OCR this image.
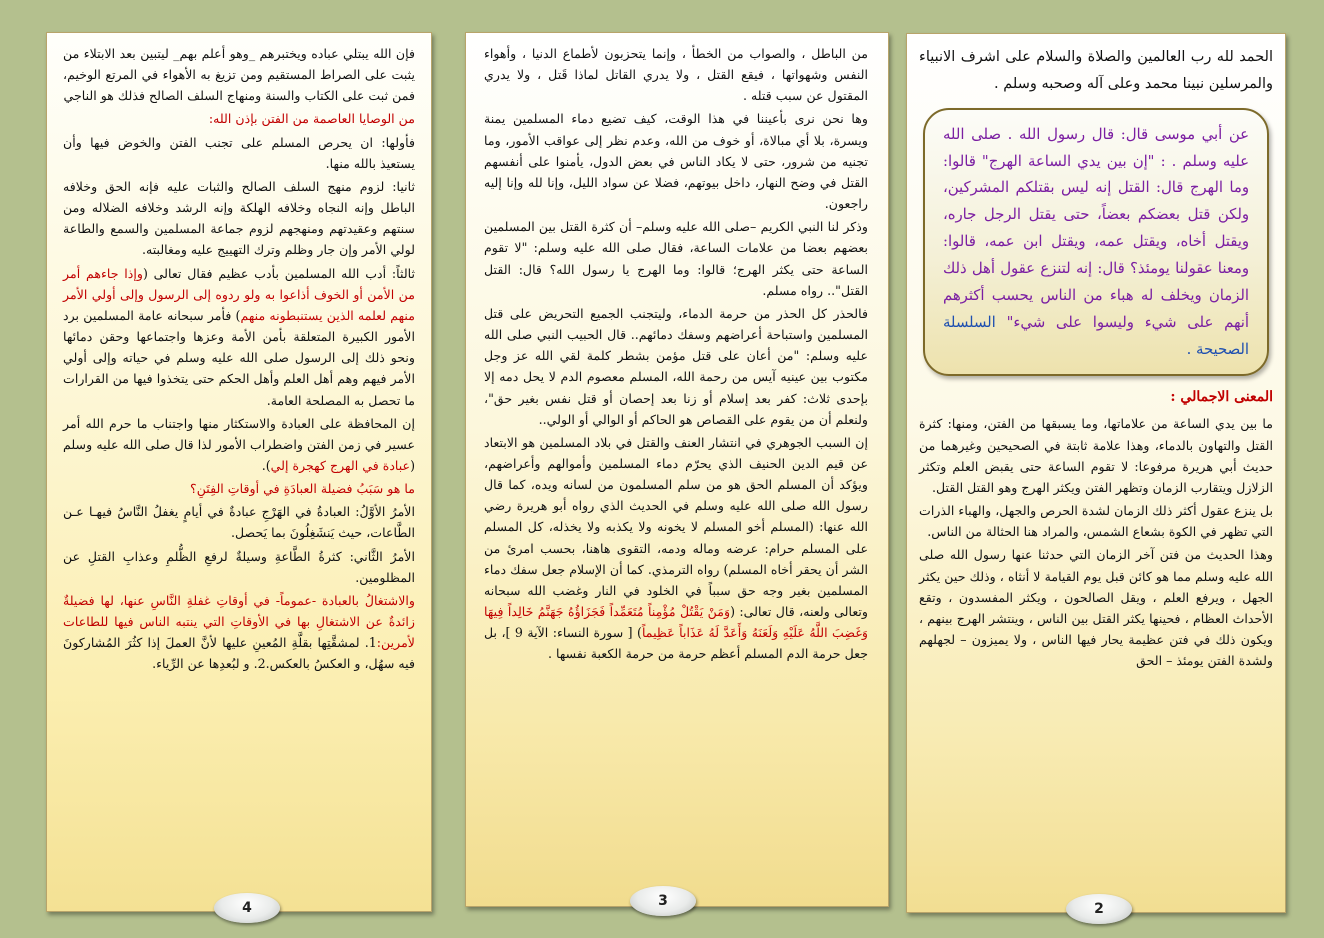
فإن الله يبتلي عباده ويختبرهم _وهو أعلم بهم_ ليتبين بعد الابتلاء من يثبت على الصراط المستقيم ومن تزيغ به الأهواء في المرتع الوخيم، فمن ثبت على الكتاب والسنة ومنهاج السلف الصالح فذلك هو الناجي

من الوصايا العاصمة من الفتن بإذن الله:

فأولها: ان يحرص المسلم على تجنب الفتن والخوض فيها وأن يستعيذ بالله منها.

ثانيا: لزوم منهج السلف الصالح والثبات عليه فإنه الحق وخلافه الباطل وإنه النجاه وخلافه الهلكة وإنه الرشد وخلافه الضلاله ومن سنتهم وعقيدتهم ومنهجهم لزوم جماعة المسلمين والسمع والطاعة لولي الأمر وإن جار وظلم وترك التهييج عليه ومغالبته.

ثالثاً: أدب الله المسلمين بأدب عظيم فقال تعالى (وإذا جاءهم أمر من الأمن أو الخوف أذاعوا به ولو ردوه إلى الرسول وإلى أولي الأمر منهم لعلمه الذين يستنبطونه منهم) فأمر سبحانه عامة المسلمين برد الأمور الكبيرة المتعلقة بأمن الأمة وعزها واجتماعها وحقن دمائها ونحو ذلك إلى الرسول صلى الله عليه وسلم في حياته وإلى أولي الأمر فيهم وهم أهل العلم وأهل الحكم حتى يتخذوا فيها من القرارات ما تحصل به المصلحة العامة.

إن المحافظة على العبادة والاستكثار منها واجتناب ما حرم الله أمر عسير في زمن الفتن واضطراب الأمور لذا قال صلى الله عليه وسلم (عبادة في الهرج كهجرة إلي).

ما هو سَبَبُ فضيلة العبادَةِ في أوقاتِ الفِتَنِ؟

الأمرُ الأوَّلُ: العبادةُ في الهَرْجِ عبادةٌ في أيامٍ يغفلُ النَّاسُ فيهـا عـن الطَّاعات، حيث يَنشَغِلُونَ بما يَحصل.

الأمرُ الثَّاني: كثرةُ الطَّاعةِ وسيلةٌ لرفعِ الظُّلمِ وعذابِ القتلِ عن المظلومين.

والاشتغالُ بالعبادة -عموماً- في أوقاتِ غفلةِ النَّاسِ عنها، لها فضيلةٌ زائدةٌ عن الاشتغالِ بها في الأوقاتِ التي ينتبه الناس فيها للطاعات لأمرين:1. لمشقَّتِها بقلَّةِ المُعينِ عليها لأنَّ العملَ إذا كثُرَ المُشاركونَ فيه سهُل، و العكسُ بالعكس.2. و لبُعدِها عن الرِّياء.

4

من الباطل ، والصواب من الخطأ ، وإنما يتحزبون لأطماع الدنيا ، وأهواء النفس وشهواتها ، فيقع القتل ، ولا يدري القاتل لماذا قَتل ، ولا يدري المقتول عن سبب قتله .

وها نحن نرى بأعيننا في هذا الوقت، كيف تضيع دماء المسلمين يمنة ويسرة، بلا أي مبالاة، أو خوف من الله، وعدم نظر إلى عواقب الأمور، وما تجنيه من شرور، حتى لا يكاد الناس في بعض الدول، يأمنوا على أنفسهم القتل في وضح النهار، داخل بيوتهم، فضلا عن سواد الليل، وإنا لله وإنا إليه راجعون.

وذكر لنا النبي الكريم –صلى الله عليه وسلم– أن كثرة القتل بين المسلمين بعضهم بعضا من علامات الساعة، فقال صلى الله عليه وسلم: "لا تقوم الساعة حتى يكثر الهرج؛ قالوا: وما الهرج يا رسول الله؟ قال: القتل القتل".. رواه مسلم.

فالحذر كل الحذر من حرمة الدماء، وليتجنب الجميع التحريض على قتل المسلمين واستباحة أعراضهم وسفك دمائهم.. قال الحبيب النبي صلى الله عليه وسلم: "من أعان على قتل مؤمن بشطر كلمة لقي الله عز وجل مكتوب بين عينيه آيس من رحمة الله، المسلم معصوم الدم لا يحل دمه إلا بإحدى ثلاث: كفر بعد إسلام أو زنا بعد إحصان أو قتل نفس بغير حق"، ولنعلم أن من يقوم على القصاص هو الحاكم أو الوالي أو الولي..

إن السبب الجوهري في انتشار العنف والقتل في بلاد المسلمين هو الابتعاد عن قيم الدين الحنيف الذي يحرّم دماء المسلمين وأموالهم وأعراضهم، ويؤكد أن المسلم الحق هو من سلم المسلمون من لسانه ويده، كما قال رسول الله صلى الله عليه وسلم في الحديث الذي رواه أبو هريرة رضي الله عنها: (المسلم أخو المسلم لا يخونه ولا يكذبه ولا يخذله، كل المسلم على المسلم حرام: عرضه وماله ودمه، التقوى هاهنا، بحسب امرئ من الشر أن يحقر أخاه المسلم) رواه الترمذي. كما أن الإسلام جعل سفك دماء المسلمين بغير وجه حق سبباً في الخلود في النار وغضب الله سبحانه وتعالى ولعنه، قال تعالى: (وَمَنْ يَقْتُلْ مُؤْمِناً مُتَعَمِّداً فَجَزَاؤُهُ جَهَنَّمُ خَالِداً فِيهَا وَغَضِبَ اللَّهُ عَلَيْهِ وَلَعَنَهُ وَأَعَدَّ لَهُ عَذَاباً عَظِيماً) [ سورة النساء: الآية 9 ]، بل جعل حرمة الدم المسلم أعظم حرمة من حرمة الكعبة نفسها .

3

الحمد لله رب العالمين والصلاة والسلام على اشرف الانبياء والمرسلين نبينا محمد وعلى آله وصحبه وسلم .

عن أبي موسى قال: قال رسول الله . صلى الله عليه وسلم . : "إن بين يدي الساعة الهرج" قالوا: وما الهرج قال: القتل إنه ليس بقتلكم المشركين، ولكن قتل بعضكم بعضاً، حتى يقتل الرجل جاره، ويقتل أخاه، ويقتل عمه، ويقتل ابن عمه، قالوا: ومعنا عقولنا يومئذ؟ قال: إنه لتنزع عقول أهل ذلك الزمان ويخلف له هباء من الناس يحسب أكثرهم أنهم على شيء وليسوا على شيء" السلسلة الصحيحة .

المعنى الاجمالي :

ما بين يدي الساعة من علاماتها، وما يسبقها من الفتن، ومنها: كثرة القتل والتهاون بالدماء، وهذا علامة ثابتة في الصحيحين وغيرهما من حديث أبي هريرة مرفوعا: لا تقوم الساعة حتى يقبض العلم وتكثر الزلازل ويتقارب الزمان وتظهر الفتن ويكثر الهرج وهو القتل القتل.

بل ينزع عقول أكثر ذلك الزمان لشدة الحرص والجهل، والهباء الذرات التي تظهر في الكوة بشعاع الشمس، والمراد هنا الحثالة من الناس.

وهذا الحديث من فتن آخر الزمان التي حدثنا عنها رسول الله صلى الله عليه وسلم مما هو كائن قبل يوم القيامة لا أنثاه ، وذلك حين يكثر الجهل ، ويرفع العلم ، ويقل الصالحون ، ويكثر المفسدون ، وتقع الأحداث العظام ، فحينها يكثر القتل بين الناس ، وينتشر الهرج بينهم ، ويكون ذلك في فتن عظيمة يحار فيها الناس ، ولا يميزون – لجهلهم ولشدة الفتن يومئذ – الحق

2
